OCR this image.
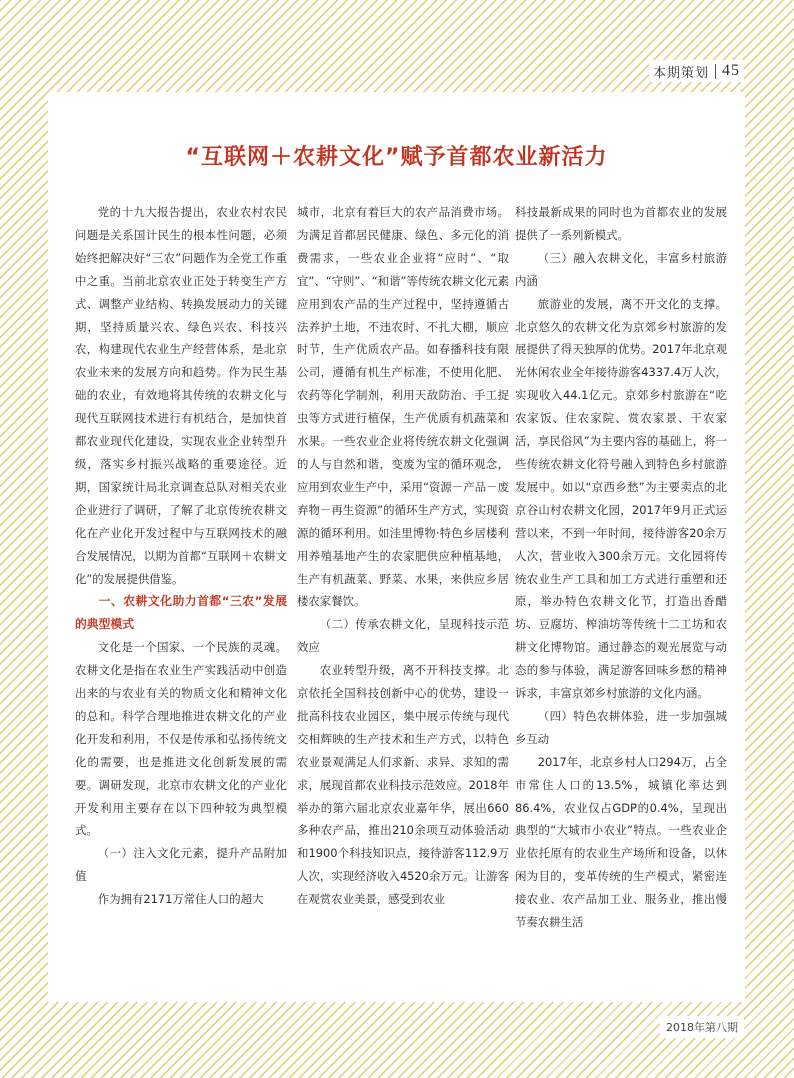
本期策划 45
“互联网＋农耕文化”赋予首都农业新活力

党的十九大报告提出，农业农村农民问题是关系国计民生的根本性问题，必须始终把解决好“三农”问题作为全党工作重中之重。当前北京农业正处于转变生产方式、调整产业结构、转换发展动力的关键期，坚持质量兴农、绿色兴农、科技兴农，构建现代农业生产经营体系，是北京农业未来的发展方向和趋势。作为民生基础的农业，有效地将其传统的农耕文化与现代互联网技术进行有机结合，是加快首都农业现代化建设，实现农业企业转型升级，落实乡村振兴战略的重要途径。近期，国家统计局北京调查总队对相关农业企业进行了调研，了解了北京传统农耕文化在产业化开发过程中与互联网技术的融合发展情况，以期为首都“互联网＋农耕文化”的发展提供借鉴。

一、农耕文化助力首都“三农”发展的典型模式

文化是一个国家、一个民族的灵魂。农耕文化是指在农业生产实践活动中创造出来的与农业有关的物质文化和精神文化的总和。科学合理地推进农耕文化的产业化开发和利用，不仅是传承和弘扬传统文化的需要，也是推进文化创新发展的需要。调研发现，北京市农耕文化的产业化开发利用主要存在以下四种较为典型模式。

（一）注入文化元素，提升产品附加值

作为拥有2171万常住人口的超大

城市，北京有着巨大的农产品消费市场。为满足首都居民健康、绿色、多元化的消费需求，一些农业企业将“应时”、“取宜”、“守则”、“和谐”等传统农耕文化元素应用到农产品的生产过程中，坚持遵循古法养护土地，不违农时、不扎大棚，顺应时节，生产优质农产品。如春播科技有限公司，遵循有机生产标准，不使用化肥、农药等化学制剂，利用天敌防治、手工捉虫等方式进行植保，生产优质有机蔬菜和水果。一些农业企业将传统农耕文化强调的人与自然和谐，变废为宝的循环观念，应用到农业生产中，采用“资源－产品－废弃物－再生资源”的循环生产方式，实现资源的循环利用。如洼里博物·特色乡居楼利用养殖基地产生的农家肥供应种植基地，生产有机蔬菜、野菜、水果，来供应乡居楼农家餐饮。

（二）传承农耕文化，呈现科技示范效应

农业转型升级，离不开科技支撑。北京依托全国科技创新中心的优势，建设一批高科技农业园区，集中展示传统与现代交相辉映的生产技术和生产方式，以特色农业景观满足人们求新、求异、求知的需求，展现首都农业科技示范效应。2018年举办的第六届北京农业嘉年华，展出660多种农产品，推出210余项互动体验活动和1900个科技知识点，接待游客112.9万人次，实现经济收入4520余万元。让游客在观赏农业美景，感受到农业

科技最新成果的同时也为首都农业的发展提供了一系列新模式。

（三）融入农耕文化，丰富乡村旅游内涵

旅游业的发展，离不开文化的支撑。北京悠久的农耕文化为京郊乡村旅游的发展提供了得天独厚的优势。2017年北京观光休闲农业全年接待游客4337.4万人次，实现收入44.1亿元。京郊乡村旅游在“吃农家饭、住农家院、赏农家景、干农家活，享民俗风”为主要内容的基础上，将一些传统农耕文化符号融入到特色乡村旅游发展中。如以“京西乡愁”为主要卖点的北京谷山村农耕文化园，2017年9月正式运营以来，不到一年时间，接待游客20余万人次，营业收入300余万元。文化园将传统农业生产工具和加工方式进行重塑和还原，举办特色农耕文化节，打造出香醋坊、豆腐坊、榨油坊等传统十二工坊和农耕文化博物馆。通过静态的观光展览与动态的参与体验，满足游客回味乡愁的精神诉求，丰富京郊乡村旅游的文化内涵。

（四）特色农耕体验，进一步加强城乡互动

2017年，北京乡村人口294万，占全市常住人口的13.5%，城镇化率达到86.4%，农业仅占GDP的0.4%，呈现出典型的“大城市小农业”特点。一些农业企业依托原有的农业生产场所和设备，以休闲为目的，变革传统的生产模式，紧密连接农业、农产品加工业、服务业，推出慢节奏农耕生活

2018年第八期
